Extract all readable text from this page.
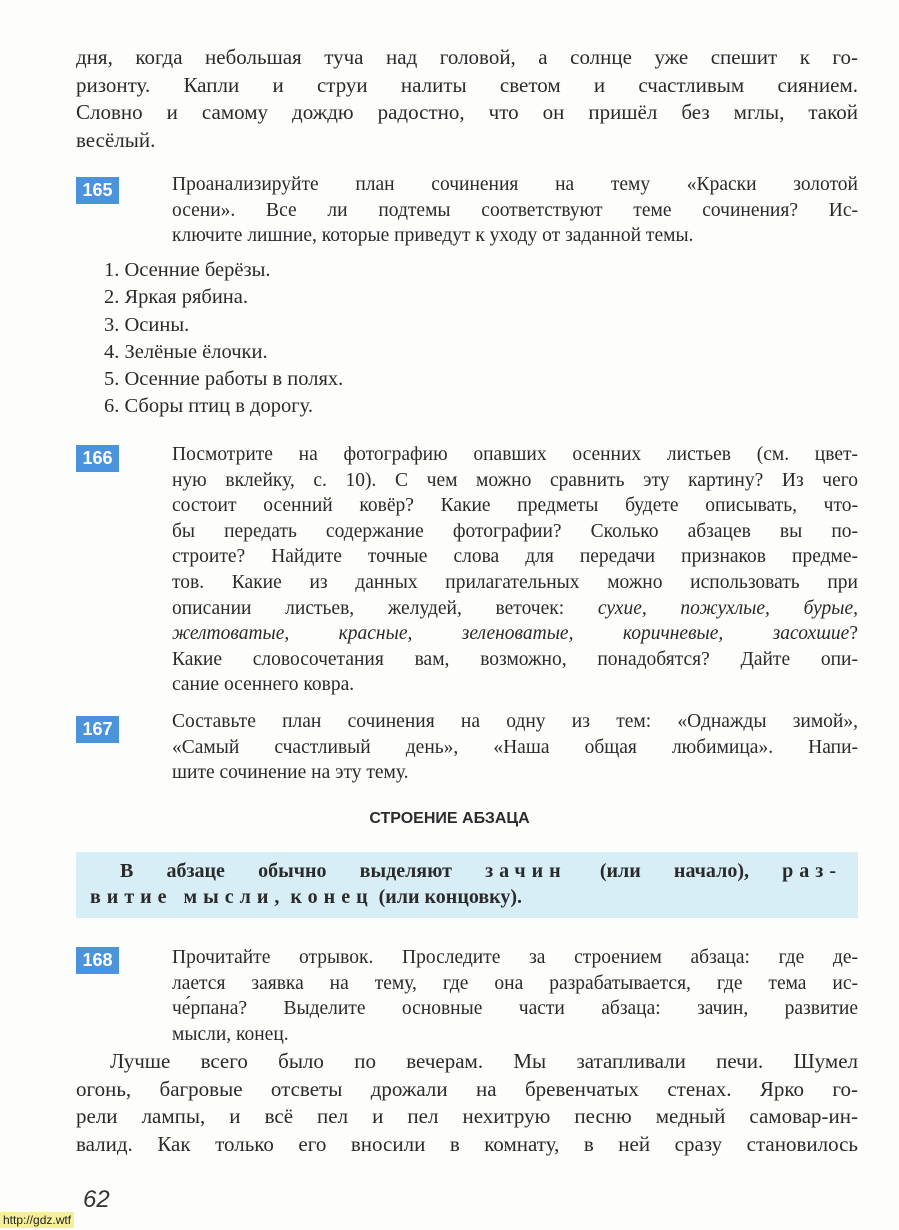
дня, когда небольшая туча над головой, а солнце уже спешит к го-
ризонту. Капли и струи налиты светом и счастливым сиянием.
Словно и самому дождю радостно, что он пришёл без мглы, такой
весёлый.
165	Проанализируйте план сочинения на тему «Краски золотой
осени». Все ли подтемы соответствуют теме сочинения? Ис-
ключите лишние, которые приведут к уходу от заданной темы.
1. Осенние берёзы.
2. Яркая рябина.
3. Осины.
4. Зелёные ёлочки.
5. Осенние работы в полях.
6. Сборы птиц в дорогу.
166	Посмотрите на фотографию опавших осенних листьев (см. цвет-
ную вклейку, с. 10). С чем можно сравнить эту картину? Из чего
состоит осенний ковёр? Какие предметы будете описывать, что-
бы передать содержание фотографии? Сколько абзацев вы по-
строите? Найдите точные слова для передачи признаков предме-
тов. Какие из данных прилагательных можно использовать при
описании листьев, желудей, веточек: сухие, пожухлые, бурые,
желтоватые, красные, зеленоватые, коричневые, засохшие?
Какие словосочетания вам, возможно, понадобятся? Дайте опи-
сание осеннего ковра.
167	Составьте план сочинения на одну из тем: «Однажды зимой»,
«Самый счастливый день», «Наша общая любимица». Напи-
шите сочинение на эту тему.
СТРОЕНИЕ АБЗАЦА
В абзаце обычно выделяют зачин (или начало), раз-
витие мысли, конец (или концовку).
168	Прочитайте отрывок. Проследите за строением абзаца: где де-
лается заявка на тему, где она разрабатывается, где тема ис-
че́рпана? Выделите основные части абзаца: зачин, развитие
мысли, конец.
Лучше всего было по вечерам. Мы затапливали печи. Шумел
огонь, багровые отсветы дрожали на бревенчатых стенах. Ярко го-
рели лампы, и всё пел и пел нехитрую песню медный самовар-ин-
валид. Как только его вносили в комнату, в ней сразу становилось
62
http://gdz.wtf
